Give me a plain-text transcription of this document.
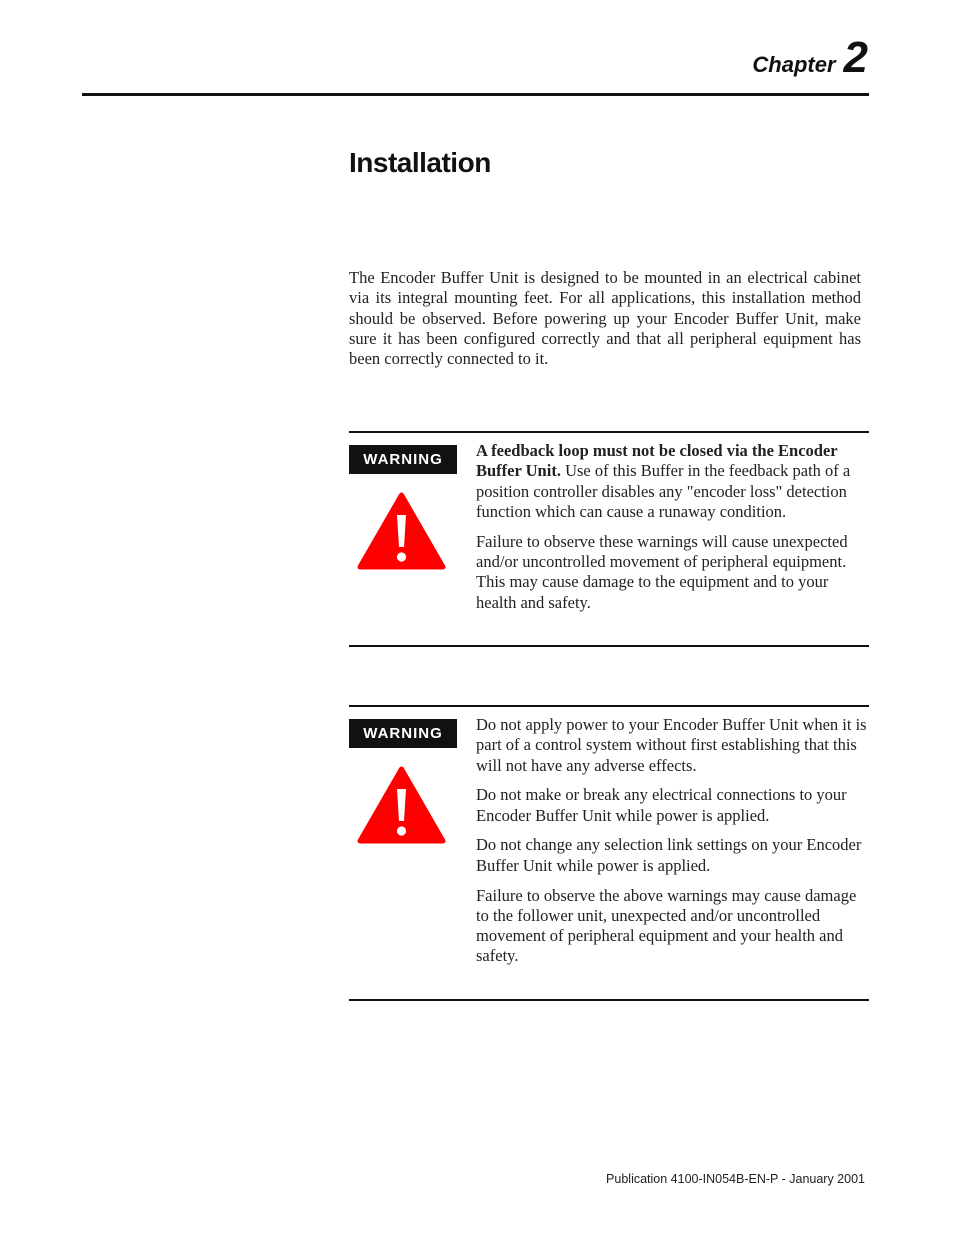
Chapter 2
Installation

The Encoder Buffer Unit is designed to be mounted in an electrical cabinet via its integral mounting feet. For all applications, this installation method should be observed. Before powering up your Encoder Buffer Unit, make sure it has been configured correctly and that all peripheral equipment has been correctly connected to it.

WARNING	A feedback loop must not be closed via the Encoder Buffer Unit. Use of this Buffer in the feedback path of a position controller disables any "encoder loss" detection function which can cause a runaway condition.

Failure to observe these warnings will cause unexpected and/or uncontrolled movement of peripheral equipment. This may cause damage to the equipment and to your health and safety.

WARNING	Do not apply power to your Encoder Buffer Unit when it is part of a control system without first establishing that this will not have any adverse effects.

Do not make or break any electrical connections to your Encoder Buffer Unit while power is applied.

Do not change any selection link settings on your Encoder Buffer Unit while power is applied.

Failure to observe the above warnings may cause damage to the follower unit, unexpected and/or uncontrolled movement of peripheral equipment and your health and safety.

Publication 4100-IN054B-EN-P - January 2001
